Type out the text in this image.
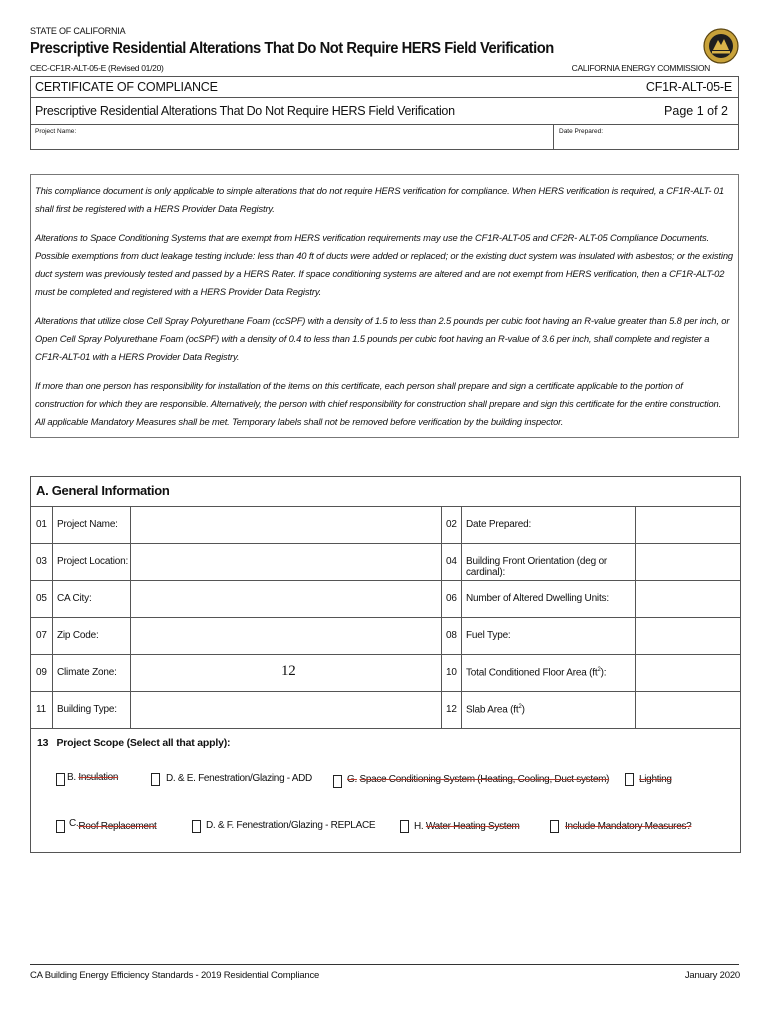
STATE OF CALIFORNIA
Prescriptive Residential Alterations That Do Not Require HERS Field Verification
CEC-CF1R-ALT-05-E (Revised 01/20)	CALIFORNIA ENERGY COMMISSION
CERTIFICATE OF COMPLIANCE	CF1R-ALT-05-E
Prescriptive Residential Alterations That Do Not Require HERS Field Verification	Page 1 of 2
Project Name:	Date Prepared:

This compliance document is only applicable to simple alterations that do not require HERS verification for compliance. When HERS verification is required, a CF1R-ALT- 01 shall first be registered with a HERS Provider Data Registry.

Alterations to Space Conditioning Systems that are exempt from HERS verification requirements may use the CF1R-ALT-05 and CF2R- ALT-05 Compliance Documents. Possible exemptions from duct leakage testing include: less than 40 ft of ducts were added or replaced; or the existing duct system was insulated with asbestos; or the existing duct system was previously tested and passed by a HERS Rater. If space conditioning systems are altered and are not exempt from HERS verification, then a CF1R-ALT-02 must be completed and registered with a HERS Provider Data Registry.

Alterations that utilize close Cell Spray Polyurethane Foam (ccSPF) with a density of 1.5 to less than 2.5 pounds per cubic foot having an R-value greater than 5.8 per inch, or Open Cell Spray Polyurethane Foam (ocSPF) with a density of 0.4 to less than 1.5 pounds per cubic foot having an R-value of 3.6 per inch, shall complete and register a CF1R-ALT-01 with a HERS Provider Data Registry.

If more than one person has responsibility for installation of the items on this certificate, each person shall prepare and sign a certificate applicable to the portion of construction for which they are responsible. Alternatively, the person with chief responsibility for construction shall prepare and sign this certificate for the entire construction. All applicable Mandatory Measures shall be met. Temporary labels shall not be removed before verification by the building inspector.

A. General Information
01 Project Name:	02 Date Prepared:
03 Project Location:	04 Building Front Orientation (deg or cardinal):
05 CA City:	06 Number of Altered Dwelling Units:
07 Zip Code:	08 Fuel Type:
09 Climate Zone:	12	10 Total Conditioned Floor Area $(ft^2)$:
11 Building Type:	12 Slab Area $(ft^2)$
13 Project Scope (Select all that apply):
B. Insulation	D. & E. Fenestration/Glazing - ADD	G. Space Conditioning System (Heating, Cooling, Duct system)	Lighting
C.Roof Replacement	D. & F. Fenestration/Glazing - REPLACE	H. Water Heating System	Include Mandatory Measures?
CA Building Energy Efficiency Standards - 2019 Residential Compliance	January 2020
